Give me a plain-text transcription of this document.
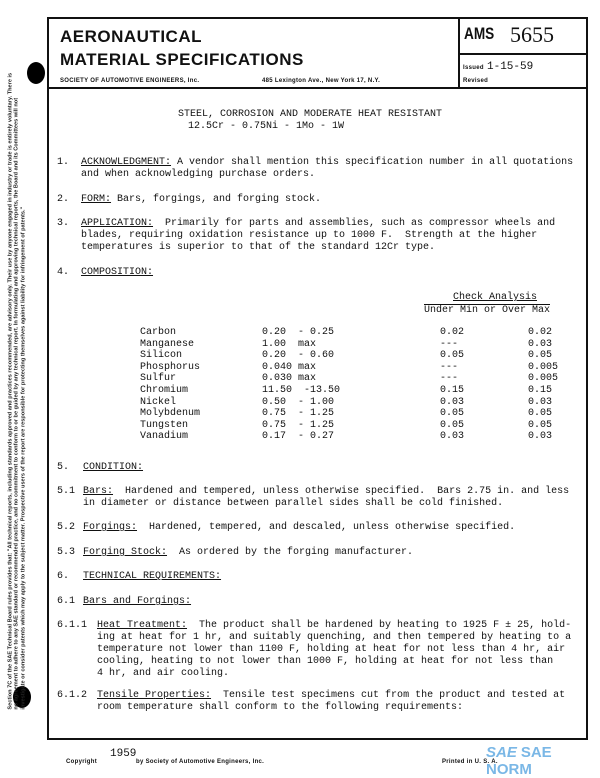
Section 7C of the SAE Technical Board rules provides that: "All technical reports, including standards approved and practices recommended, are advisory only. Their use by anyone engaged in industry or trade is entirely voluntary. There is no agreement to adhere to any SAE standard or recommended practice, and no commitment to conform to or be guided by any technical report. In formulating and approving technical reports, the Board and its Committees will not investigate or consider patents which may apply to the subject matter. Prospective users of the report are responsible for protecting themselves against liability for infringement of patents."
AERONAUTICAL
MATERIAL SPECIFICATIONS
SOCIETY OF AUTOMOTIVE ENGINEERS, Inc.	485 Lexington Ave., New York 17, N.Y.
AMS 5655
Issued 1-15-59
Revised
STEEL, CORROSION AND MODERATE HEAT RESISTANT
12.5Cr - 0.75Ni - 1Mo - 1W

1.

ACKNOWLEDGMENT: A vendor shall mention this specification number in all quotations

and when acknowledging purchase orders.

2.

FORM: Bars, forgings, and forging stock.

3.

APPLICATION:  Primarily for parts and assemblies, such as compressor wheels and

blades, requiring oxidation resistance up to 1000 F.  Strength at the higher

temperatures is superior to that of the standard 12Cr type.

4.

COMPOSITION:

Check Analysis

Under Min or Over Max

Carbon	0.20  - 0.25	0.02	0.02
Manganese	1.00  max	---	0.03
Silicon	0.20  - 0.60	0.05	0.05
Phosphorus	0.040 max	---	0.005
Sulfur	0.030 max	---	0.005
Chromium	11.50  -13.50	0.15	0.15
Nickel	0.50  - 1.00	0.03	0.03
Molybdenum	0.75  - 1.25	0.05	0.05
Tungsten	0.75  - 1.25	0.05	0.05
Vanadium	0.17  - 0.27	0.03	0.03

5.

CONDITION:

5.1

Bars:  Hardened and tempered, unless otherwise specified.  Bars 2.75 in. and less

in diameter or distance between parallel sides shall be cold finished.

5.2

Forgings:  Hardened, tempered, and descaled, unless otherwise specified.

5.3

Forging Stock:  As ordered by the forging manufacturer.

6.

TECHNICAL REQUIREMENTS:

6.1

Bars and Forgings:

6.1.1

Heat Treatment:  The product shall be hardened by heating to 1925 F ± 25, hold-

ing at heat for 1 hr, and suitably quenching, and then tempered by heating to a

temperature not lower than 1100 F, holding at heat for not less than 4 hr, air

cooling, heating to not lower than 1000 F, holding at heat for not less than

4 hr, and air cooling.

6.1.2

Tensile Properties:  Tensile test specimens cut from the product and tested at

room temperature shall conform to the following requirements:

Copyright
1959
by Society of Automotive Engineers, Inc.	Printed in U. S. A.
SAE SAE NORM
